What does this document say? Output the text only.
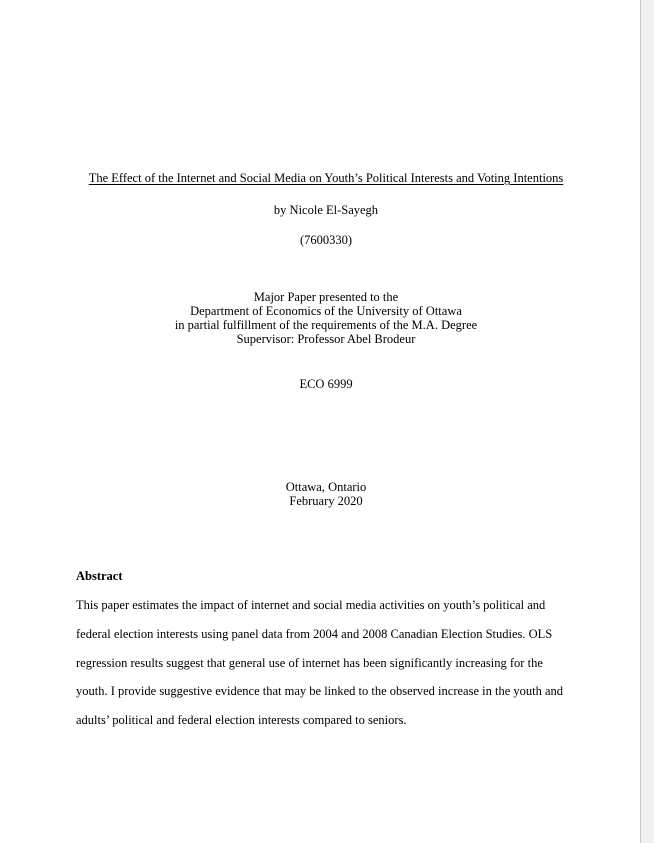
The Effect of the Internet and Social Media on Youth’s Political Interests and Voting Intentions
by Nicole El-Sayegh
(7600330)
Major Paper presented to the
Department of Economics of the University of Ottawa
in partial fulfillment of the requirements of the M.A. Degree
Supervisor: Professor Abel Brodeur
ECO 6999
Ottawa, Ontario
February 2020
Abstract
This paper estimates the impact of internet and social media activities on youth’s political and
federal election interests using panel data from 2004 and 2008 Canadian Election Studies. OLS
regression results suggest that general use of internet has been significantly increasing for the
youth. I provide suggestive evidence that may be linked to the observed increase in the youth and
adults’ political and federal election interests compared to seniors.
